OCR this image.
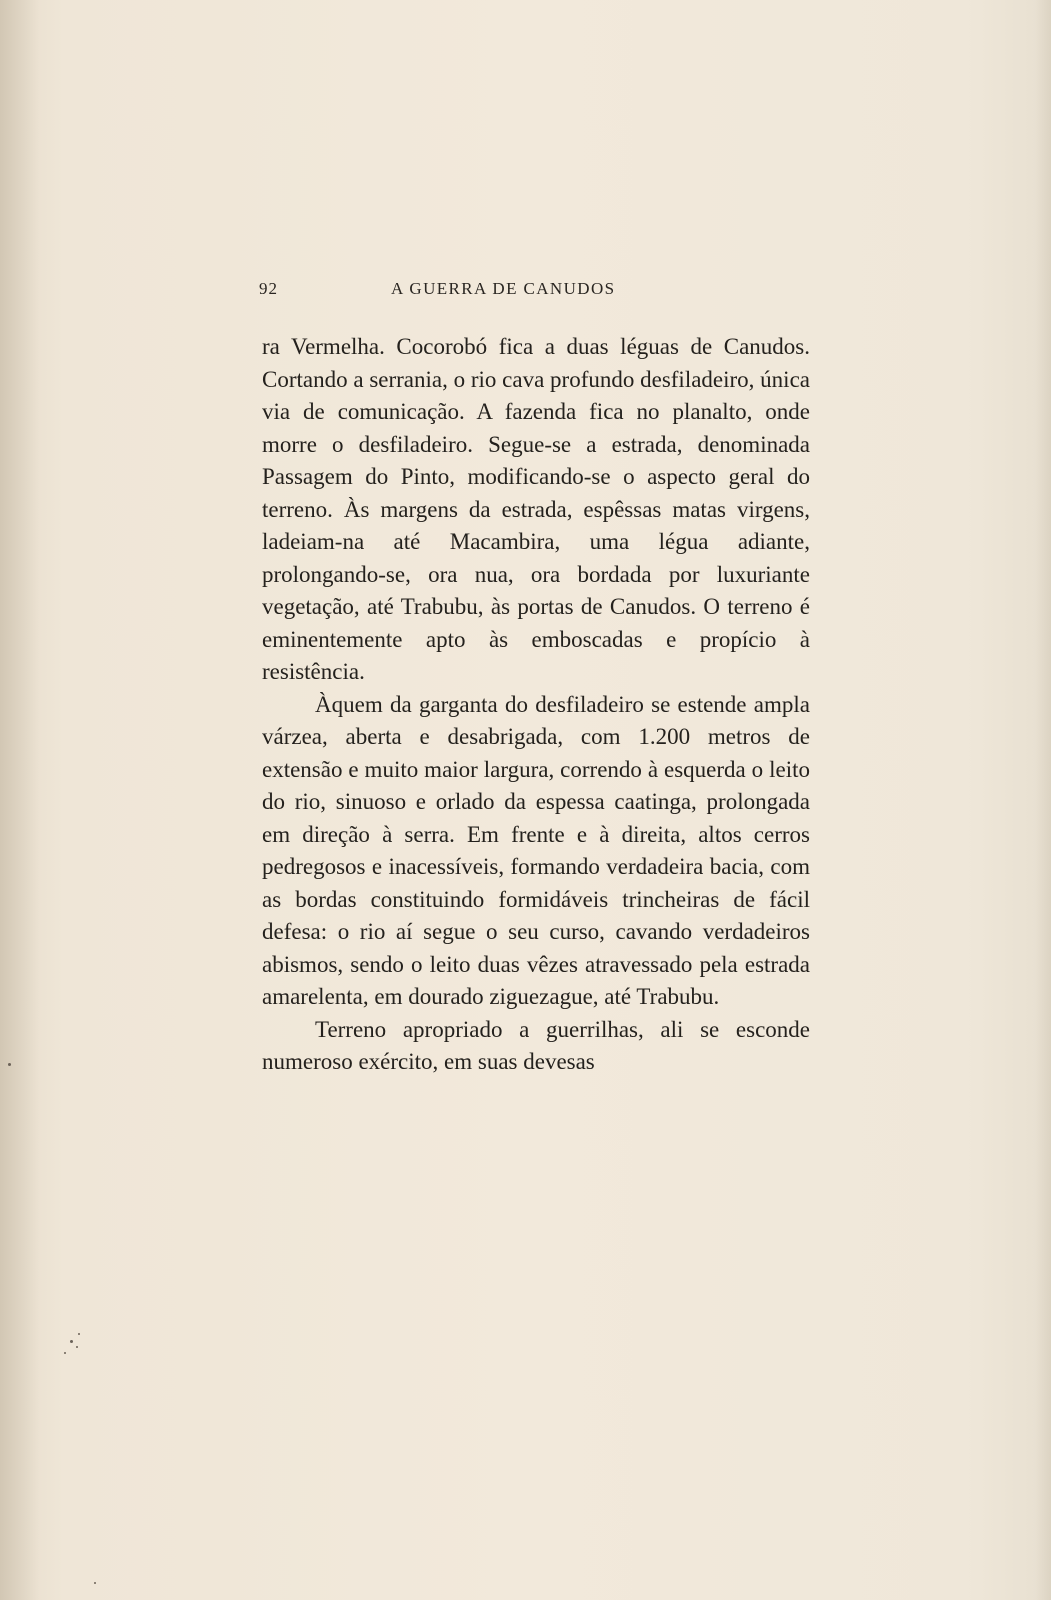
92	A GUERRA DE CANUDOS

ra Vermelha. Cocorobó fica a duas léguas de Canudos. Cortando a serrania, o rio cava profundo desfiladeiro, única via de comunicação. A fazenda fica no planalto, onde morre o desfiladeiro. Segue-se a estrada, denominada Passagem do Pinto, modificando-se o aspecto geral do terreno. Às margens da estrada, espêssas matas virgens, ladeiam-na até Macambira, uma légua adiante, prolongando-se, ora nua, ora bordada por luxuriante vegetação, até Trabubu, às portas de Canudos. O terreno é eminentemente apto às emboscadas e propício à resistência.

Àquem da garganta do desfiladeiro se estende ampla várzea, aberta e desabrigada, com 1.200 metros de extensão e muito maior largura, correndo à esquerda o leito do rio, sinuoso e orlado da espessa caatinga, prolongada em direção à serra. Em frente e à direita, altos cerros pedregosos e inacessíveis, formando verdadeira bacia, com as bordas constituindo formidáveis trincheiras de fácil defesa: o rio aí segue o seu curso, cavando verdadeiros abismos, sendo o leito duas vêzes atravessado pela estrada amarelenta, em dourado ziguezague, até Trabubu.

Terreno apropriado a guerrilhas, ali se esconde numeroso exército, em suas devesas
